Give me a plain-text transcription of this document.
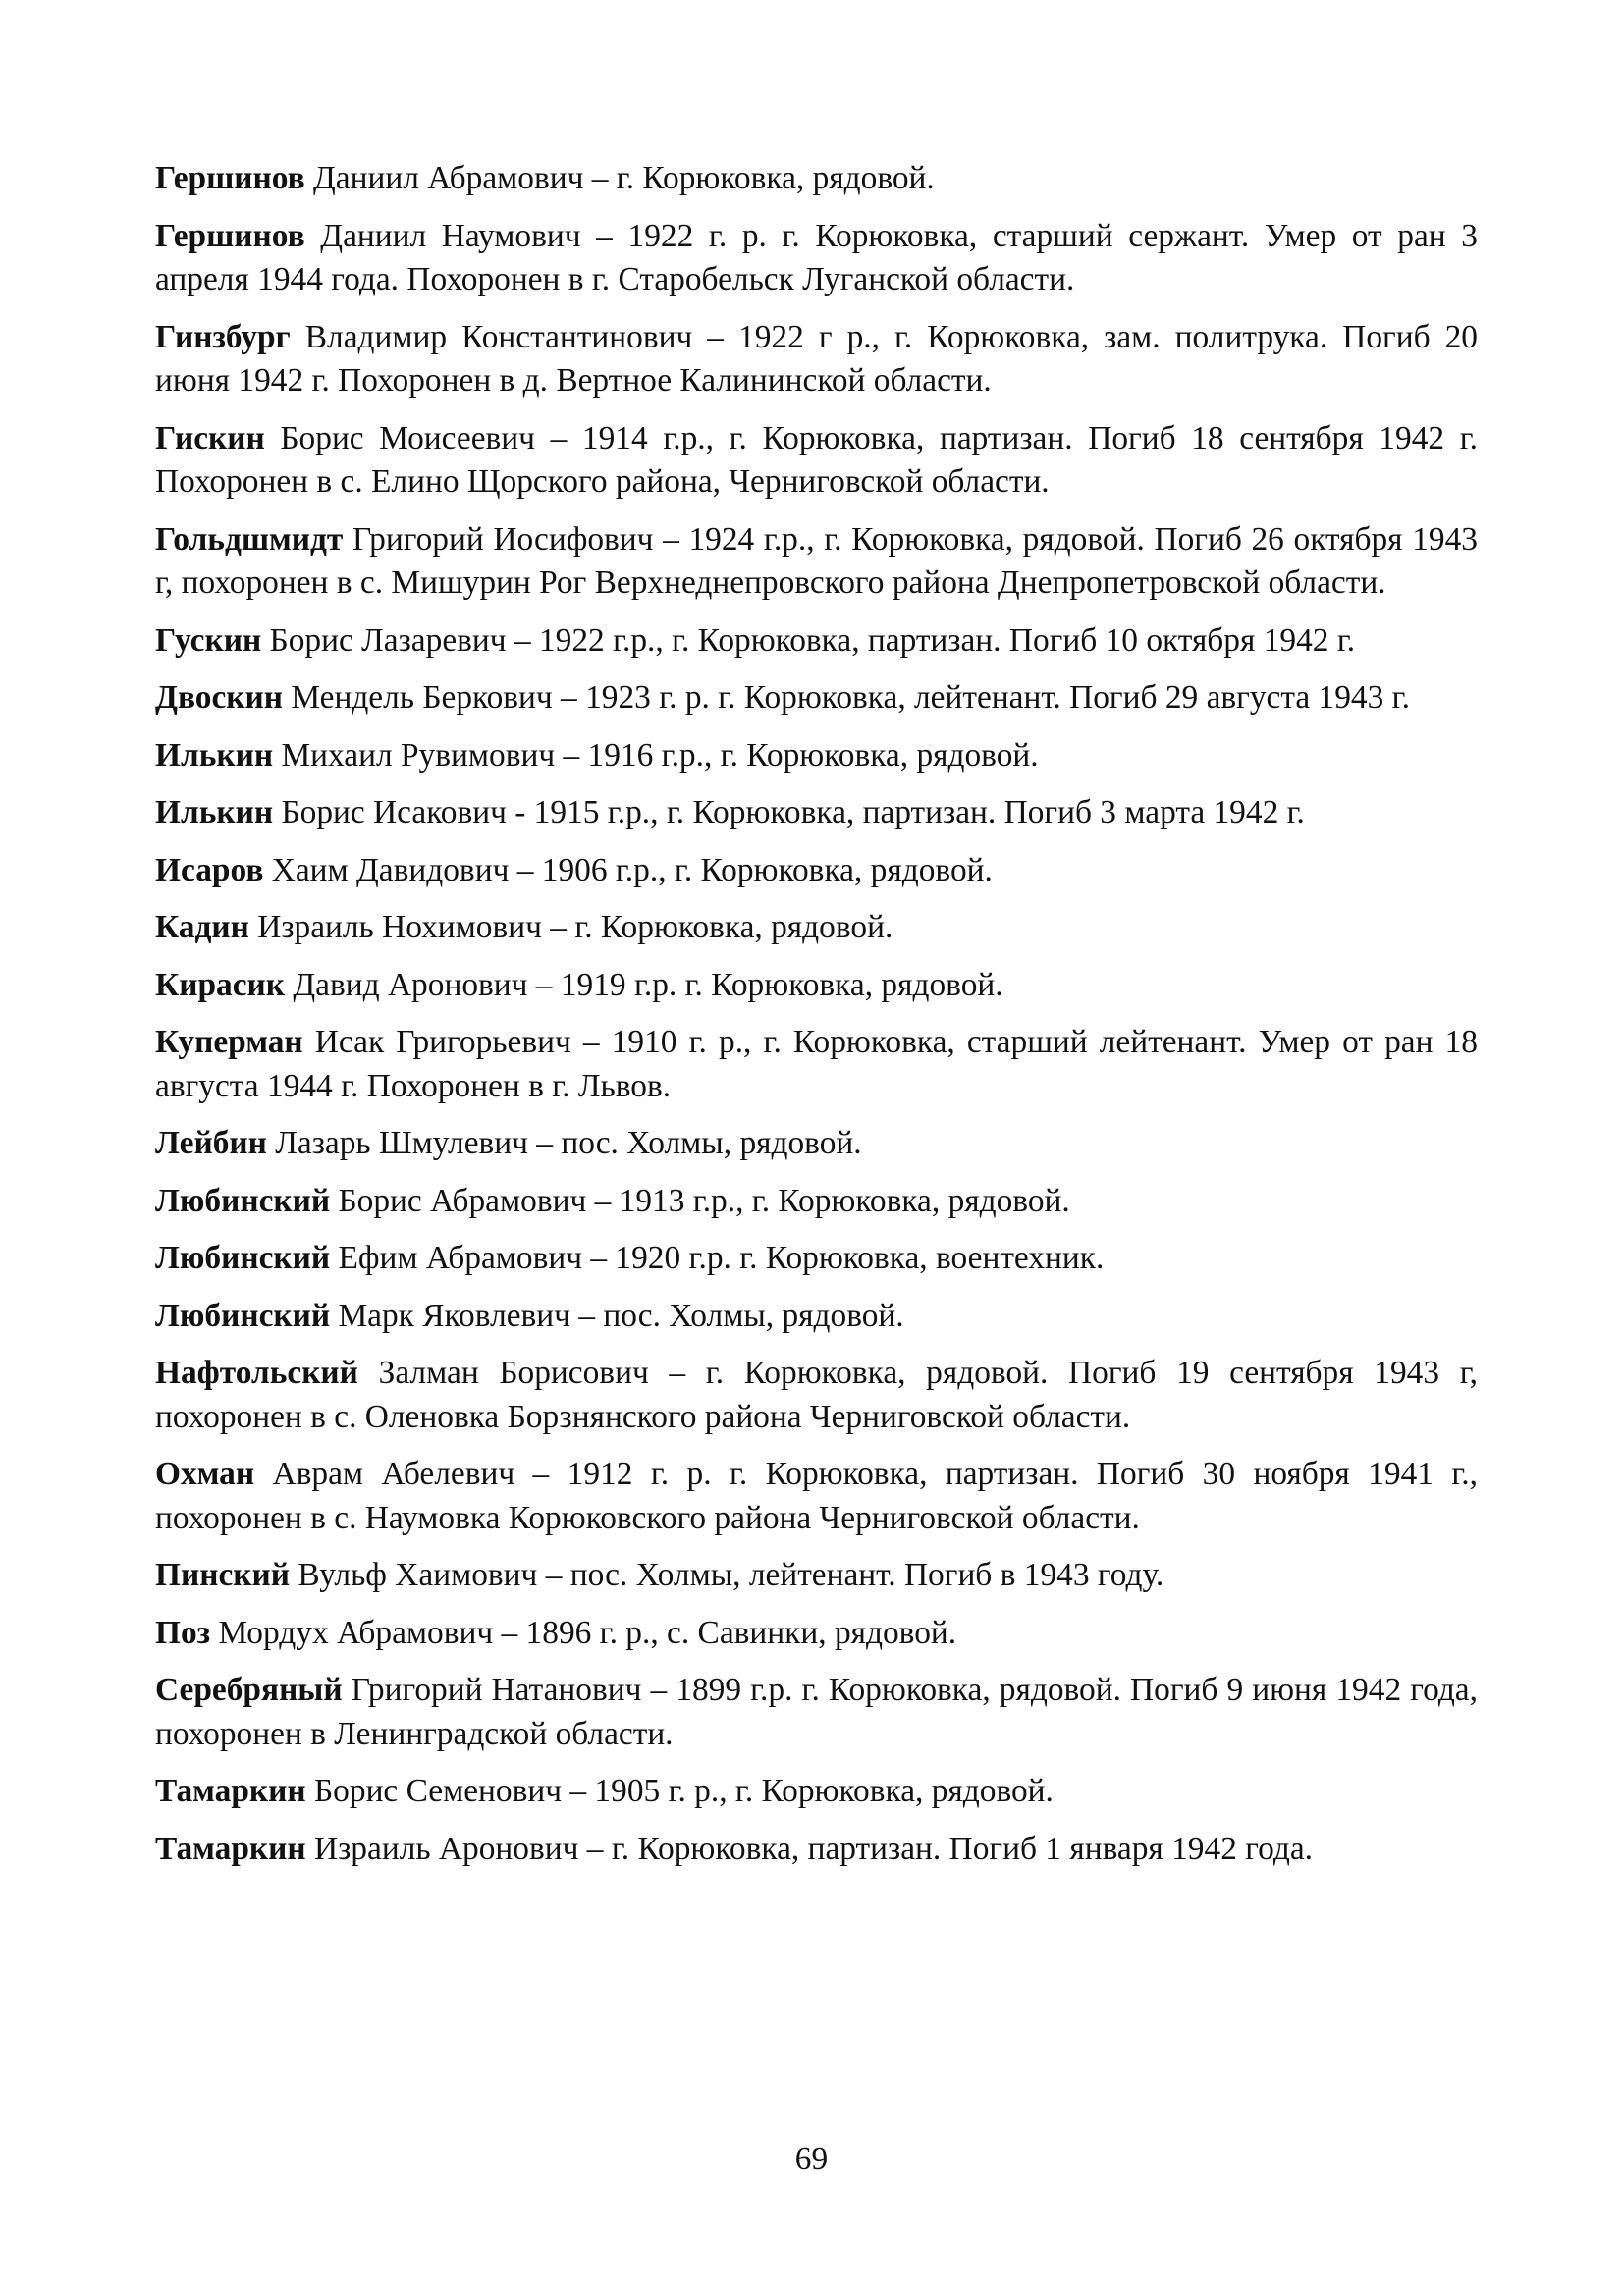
Гершинов Даниил Абрамович – г. Корюковка, рядовой.

Гершинов Даниил Наумович – 1922 г. р. г. Корюковка, старший сержант. Умер от ран 3 апреля 1944 года. Похоронен в г. Старобельск Луганской области.

Гинзбург Владимир Константинович – 1922 г р., г. Корюковка, зам. политрука. Погиб 20 июня 1942 г. Похоронен в д. Вертное Калининской области.

Гискин Борис Моисеевич – 1914 г.р., г. Корюковка, партизан. Погиб 18 сентября 1942 г. Похоронен в с. Елино Щорского района, Черниговской области.

Гольдшмидт Григорий Иосифович – 1924 г.р., г. Корюковка, рядовой. Погиб 26 октября 1943 г, похоронен в с. Мишурин Рог Верхнеднепровского района Днепропетровской области.

Гускин Борис Лазаревич – 1922 г.р., г. Корюковка, партизан. Погиб 10 октября 1942 г.

Двоскин Мендель Беркович – 1923 г. р. г. Корюковка, лейтенант. Погиб 29 августа 1943 г.

Илькин Михаил Рувимович – 1916 г.р., г. Корюковка, рядовой.

Илькин Борис Исакович - 1915 г.р., г. Корюковка, партизан. Погиб 3 марта 1942 г.

Исаров Хаим Давидович – 1906 г.р., г. Корюковка, рядовой.

Кадин Израиль Нохимович – г. Корюковка, рядовой.

Кирасик Давид Аронович – 1919 г.р. г. Корюковка, рядовой.

Куперман Исак Григорьевич – 1910 г. р., г. Корюковка, старший лейтенант. Умер от ран 18 августа 1944 г. Похоронен в г. Львов.

Лейбин Лазарь Шмулевич – пос. Холмы, рядовой.

Любинский Борис Абрамович – 1913 г.р., г. Корюковка, рядовой.

Любинский Ефим Абрамович – 1920 г.р. г. Корюковка, воентехник.

Любинский Марк Яковлевич – пос. Холмы, рядовой.

Нафтольский Залман Борисович – г. Корюковка, рядовой. Погиб 19 сентября 1943 г, похоронен в с. Оленовка Борзнянского района Черниговской области.

Охман Аврам Абелевич – 1912 г. р. г. Корюковка, партизан. Погиб 30 ноября 1941 г., похоронен в с. Наумовка Корюковского района Черниговской области.

Пинский Вульф Хаимович – пос. Холмы, лейтенант. Погиб в 1943 году.

Поз Мордух Абрамович – 1896 г. р., с. Савинки, рядовой.

Серебряный Григорий Натанович – 1899 г.р. г. Корюковка, рядовой. Погиб 9 июня 1942 года, похоронен в Ленинградской области.

Тамаркин Борис Семенович – 1905 г. р., г. Корюковка, рядовой.

Тамаркин Израиль Аронович – г. Корюковка, партизан. Погиб 1 января 1942 года.

69
